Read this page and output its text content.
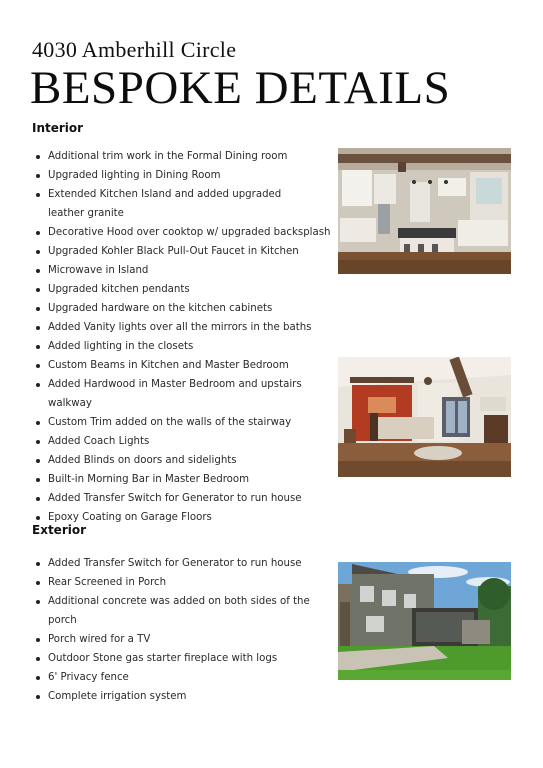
4030 Amberhill Circle
BESPOKE DETAILS
Interior
Additional trim work in the Formal Dining room
Upgraded lighting in Dining Room
Extended Kitchen Island and added upgraded leather granite
Decorative Hood over cooktop w/ upgraded backsplash
Upgraded Kohler Black Pull-Out Faucet in Kitchen
Microwave in Island
Upgraded kitchen pendants
Upgraded hardware on the kitchen cabinets
Added Vanity lights over all the mirrors in the baths
Added lighting in the closets
Custom Beams in Kitchen and Master Bedroom
Added Hardwood in Master Bedroom and upstairs walkway
Custom Trim added on the walls of the stairway
Added Coach Lights
Added Blinds on doors and sidelights
Built-in Morning Bar in Master Bedroom
Added Transfer Switch for Generator to run house
Epoxy Coating on Garage Floors
Exterior
Added Transfer Switch for Generator to run house
Rear Screened in Porch
Additional concrete was added on both sides of the porch
Porch wired for a TV
Outdoor Stone gas starter fireplace with logs
6' Privacy fence
Complete irrigation system
